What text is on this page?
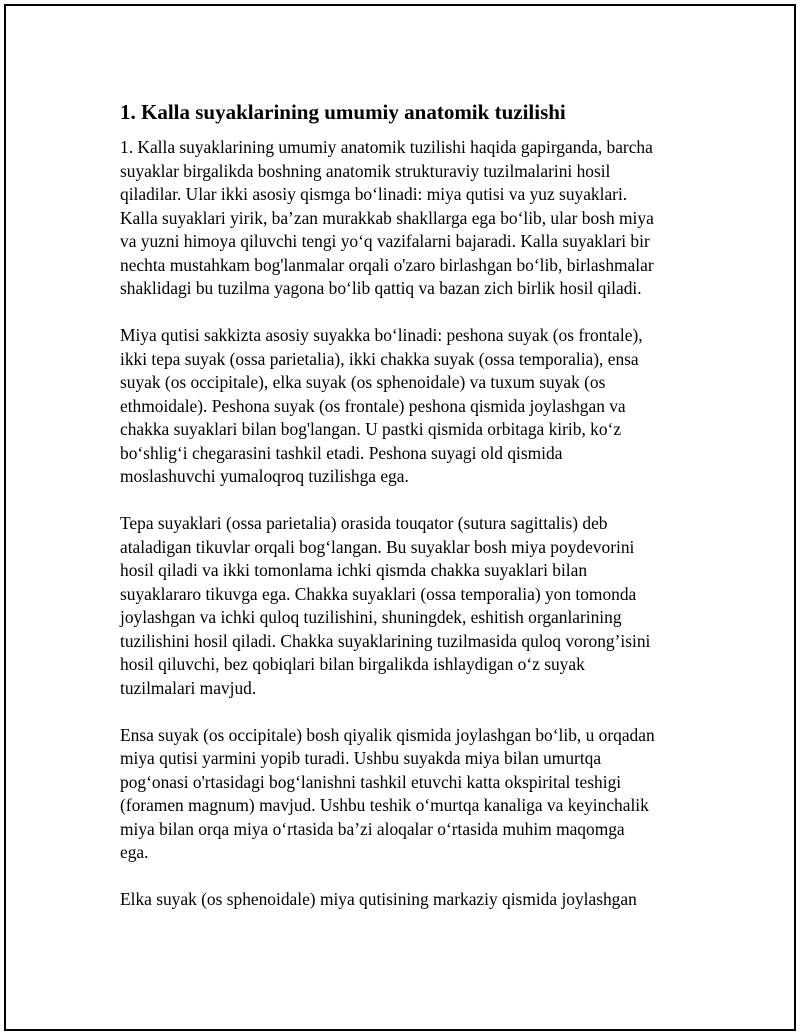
1. Kalla suyaklarining umumiy anatomik tuzilishi

1. Kalla suyaklarining umumiy anatomik tuzilishi haqida gapirganda, barcha
suyaklar birgalikda boshning anatomik strukturaviy tuzilmalarini hosil
qiladilar. Ular ikki asosiy qismga bo‘linadi: miya qutisi va yuz suyaklari.
Kalla suyaklari yirik, ba’zan murakkab shakllarga ega bo‘lib, ular bosh miya
va yuzni himoya qiluvchi tengi yo‘q vazifalarni bajaradi. Kalla suyaklari bir
nechta mustahkam bog'lanmalar orqali o'zaro birlashgan bo‘lib, birlashmalar
shaklidagi bu tuzilma yagona bo‘lib qattiq va bazan zich birlik hosil qiladi.

Miya qutisi sakkizta asosiy suyakka bo‘linadi: peshona suyak (os frontale),
ikki tepa suyak (ossa parietalia), ikki chakka suyak (ossa temporalia), ensa
suyak (os occipitale), elka suyak (os sphenoidale) va tuxum suyak (os
ethmoidale). Peshona suyak (os frontale) peshona qismida joylashgan va
chakka suyaklari bilan bog'langan. U pastki qismida orbitaga kirib, ko‘z
bo‘shlig‘i chegarasini tashkil etadi. Peshona suyagi old qismida
moslashuvchi yumaloqroq tuzilishga ega.

Tepa suyaklari (ossa parietalia) orasida touqator (sutura sagittalis) deb
ataladigan tikuvlar orqali bog‘langan. Bu suyaklar bosh miya poydevorini
hosil qiladi va ikki tomonlama ichki qismda chakka suyaklari bilan
suyaklararo tikuvga ega. Chakka suyaklari (ossa temporalia) yon tomonda
joylashgan va ichki quloq tuzilishini, shuningdek, eshitish organlarining
tuzilishini hosil qiladi. Chakka suyaklarining tuzilmasida quloq vorong’isini
hosil qiluvchi, bez qobiqlari bilan birgalikda ishlaydigan o‘z suyak
tuzilmalari mavjud.

Ensa suyak (os occipitale) bosh qiyalik qismida joylashgan bo‘lib, u orqadan
miya qutisi yarmini yopib turadi. Ushbu suyakda miya bilan umurtqa
pog‘onasi o'rtasidagi bog‘lanishni tashkil etuvchi katta okspirital teshigi
(foramen magnum) mavjud. Ushbu teshik o‘murtqa kanaliga va keyinchalik
miya bilan orqa miya o‘rtasida ba’zi aloqalar o‘rtasida muhim maqomga
ega.

Elka suyak (os sphenoidale) miya qutisining markaziy qismida joylashgan
